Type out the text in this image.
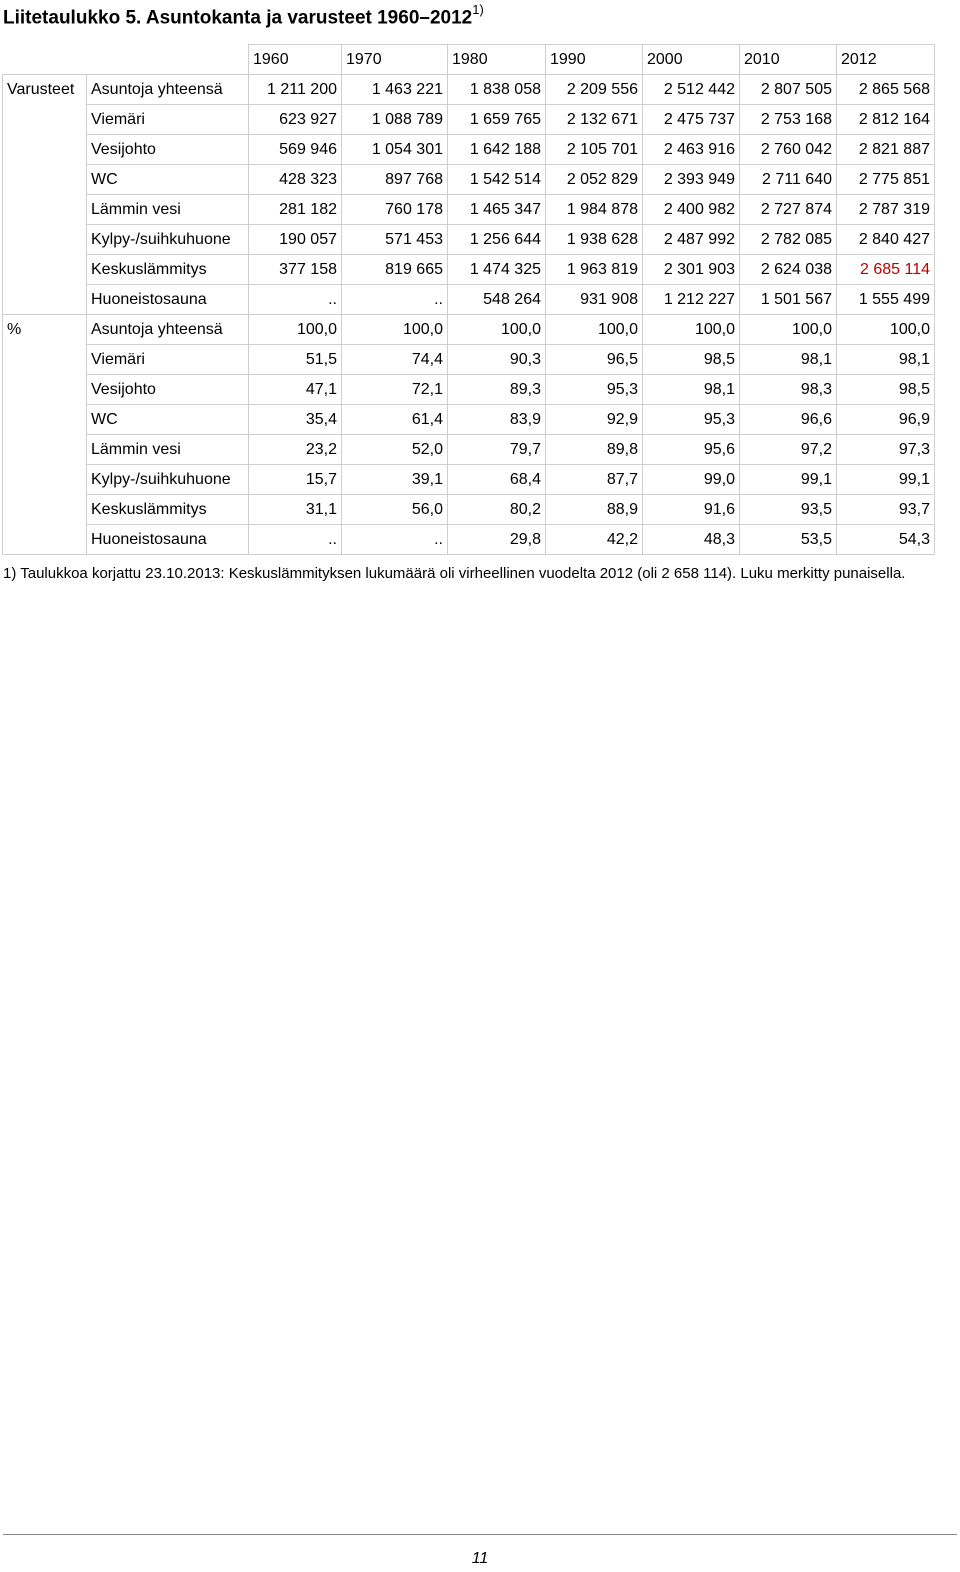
Liitetaulukko 5. Asuntokanta ja varusteet 1960–2012$^{1)}$
		1960	1970	1980	1990	2000	2010	2012
Varusteet	Asuntoja yhteensä	1 211 200	1 463 221	1 838 058	2 209 556	2 512 442	2 807 505	2 865 568
	Viemäri	623 927	1 088 789	1 659 765	2 132 671	2 475 737	2 753 168	2 812 164
	Vesijohto	569 946	1 054 301	1 642 188	2 105 701	2 463 916	2 760 042	2 821 887
	WC	428 323	897 768	1 542 514	2 052 829	2 393 949	2 711 640	2 775 851
	Lämmin vesi	281 182	760 178	1 465 347	1 984 878	2 400 982	2 727 874	2 787 319
	Kylpy-/suihkuhuone	190 057	571 453	1 256 644	1 938 628	2 487 992	2 782 085	2 840 427
	Keskuslämmitys	377 158	819 665	1 474 325	1 963 819	2 301 903	2 624 038	2 685 114
	Huoneistosauna	..	..	548 264	931 908	1 212 227	1 501 567	1 555 499
%	Asuntoja yhteensä	100,0	100,0	100,0	100,0	100,0	100,0	100,0
	Viemäri	51,5	74,4	90,3	96,5	98,5	98,1	98,1
	Vesijohto	47,1	72,1	89,3	95,3	98,1	98,3	98,5
	WC	35,4	61,4	83,9	92,9	95,3	96,6	96,9
	Lämmin vesi	23,2	52,0	79,7	89,8	95,6	97,2	97,3
	Kylpy-/suihkuhuone	15,7	39,1	68,4	87,7	99,0	99,1	99,1
	Keskuslämmitys	31,1	56,0	80,2	88,9	91,6	93,5	93,7
	Huoneistosauna	..	..	29,8	42,2	48,3	53,5	54,3
1) Taulukkoa korjattu 23.10.2013: Keskuslämmityksen lukumäärä oli virheellinen vuodelta 2012 (oli 2 658 114). Luku merkitty punaisella.
11
